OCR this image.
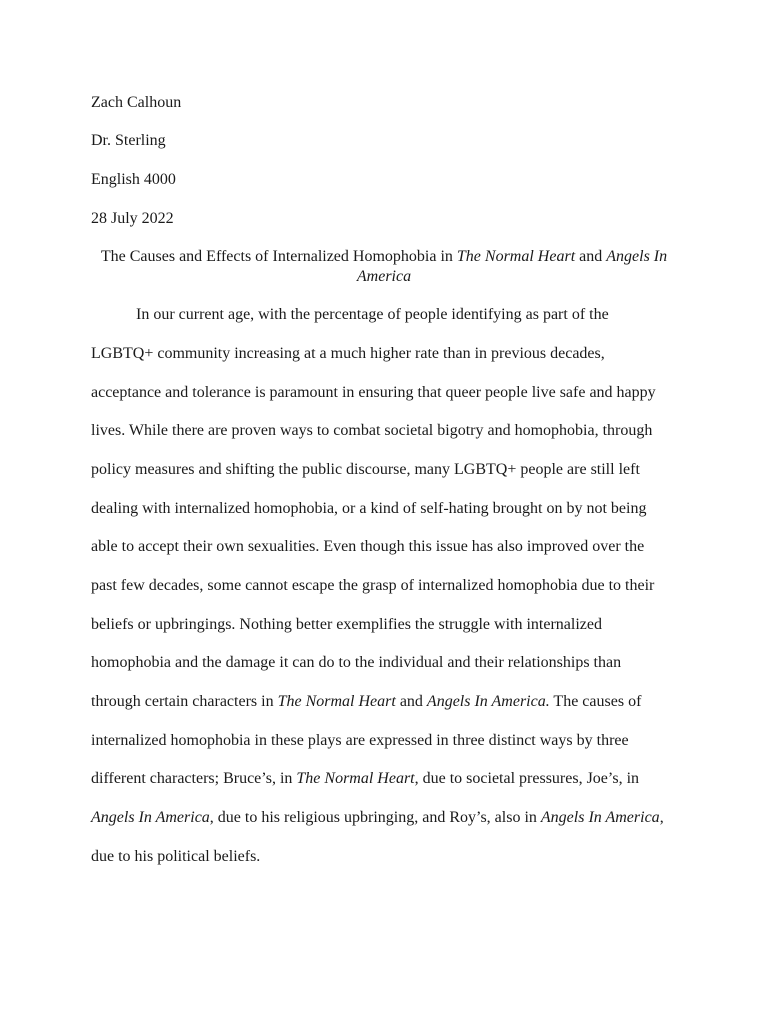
Zach Calhoun
Dr. Sterling
English 4000
28 July 2022
The Causes and Effects of Internalized Homophobia in The Normal Heart and Angels In
America
In our current age, with the percentage of people identifying as part of the
LGBTQ+ community increasing at a much higher rate than in previous decades,
acceptance and tolerance is paramount in ensuring that queer people live safe and happy
lives. While there are proven ways to combat societal bigotry and homophobia, through
policy measures and shifting the public discourse, many LGBTQ+ people are still left
dealing with internalized homophobia, or a kind of self-hating brought on by not being
able to accept their own sexualities. Even though this issue has also improved over the
past few decades, some cannot escape the grasp of internalized homophobia due to their
beliefs or upbringings. Nothing better exemplifies the struggle with internalized
homophobia and the damage it can do to the individual and their relationships than
through certain characters in The Normal Heart and Angels In America. The causes of
internalized homophobia in these plays are expressed in three distinct ways by three
different characters; Bruce’s, in The Normal Heart, due to societal pressures, Joe’s, in
Angels In America, due to his religious upbringing, and Roy’s, also in Angels In America,
due to his political beliefs.
